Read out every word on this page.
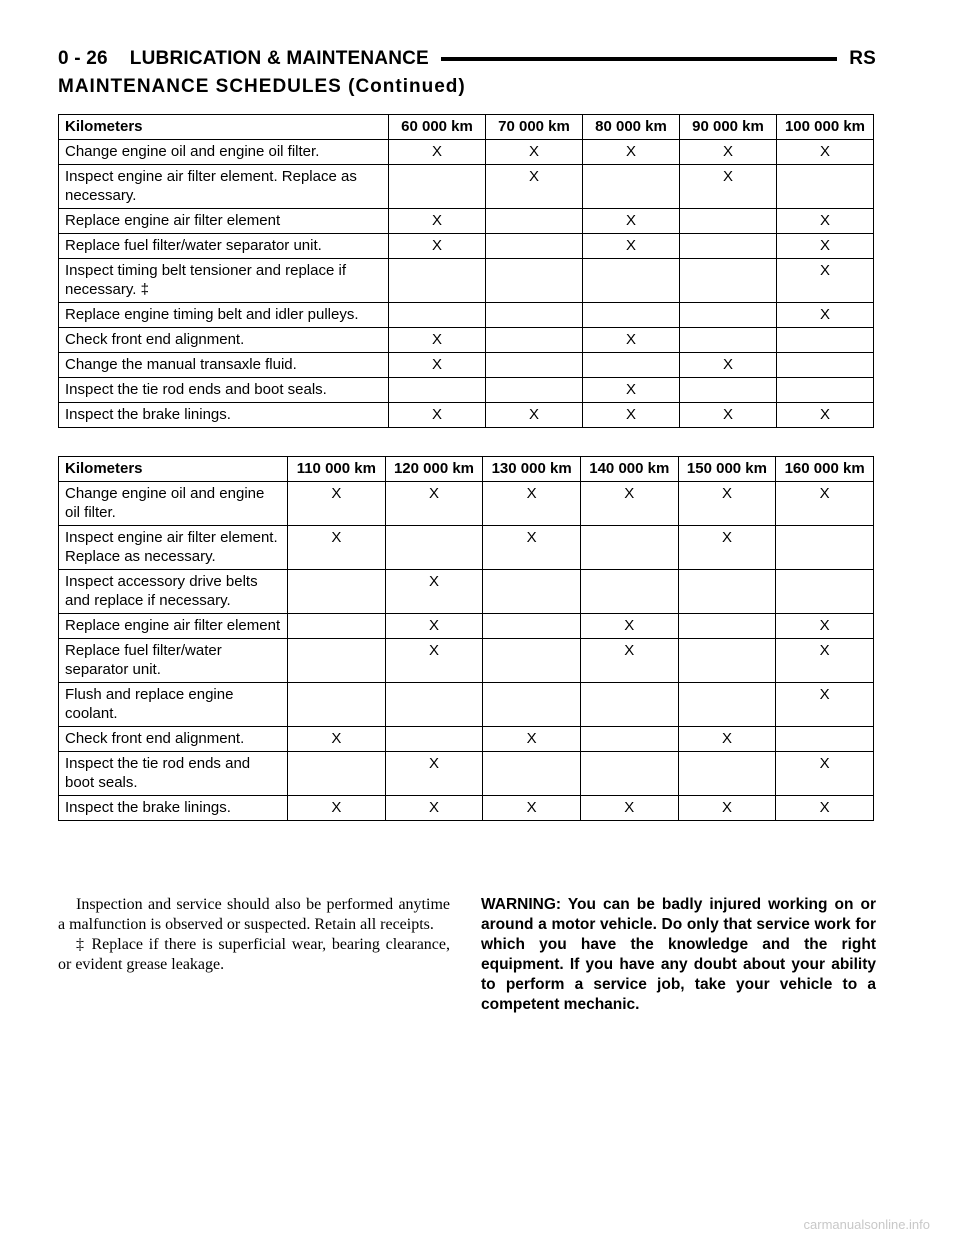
0 - 26 LUBRICATION & MAINTENANCE	RS
MAINTENANCE SCHEDULES (Continued)
Kilometers	60 000 km	70 000 km	80 000 km	90 000 km	100 000 km
Change engine oil and engine oil filter.	X	X	X	X	X
Inspect engine air filter element. Replace as necessary.		X		X	
Replace engine air filter element	X		X		X
Replace fuel filter/water separator unit.	X		X		X
Inspect timing belt tensioner and replace if necessary. ‡					X
Replace engine timing belt and idler pulleys.					X
Check front end alignment.	X		X		
Change the manual transaxle fluid.	X			X	
Inspect the tie rod ends and boot seals.			X		
Inspect the brake linings.	X	X	X	X	X
Kilometers	110 000 km	120 000 km	130 000 km	140 000 km	150 000 km	160 000 km
Change engine oil and engine oil filter.	X	X	X	X	X	X
Inspect engine air filter element. Replace as necessary.	X		X		X	
Inspect accessory drive belts and replace if necessary.		X				
Replace engine air filter element		X		X		X
Replace fuel filter/water separator unit.		X		X		X
Flush and replace engine coolant.						X
Check front end alignment.	X		X		X	
Inspect the tie rod ends and boot seals.		X				X
Inspect the brake linings.	X	X	X	X	X	X

Inspection and service should also be performed anytime a malfunction is observed or suspected. Retain all receipts.

‡ Replace if there is superficial wear, bearing clearance, or evident grease leakage.

WARNING: You can be badly injured working on or around a motor vehicle. Do only that service work for which you have the knowledge and the right equipment. If you have any doubt about your ability to perform a service job, take your vehicle to a competent mechanic.
carmanualsonline.info
